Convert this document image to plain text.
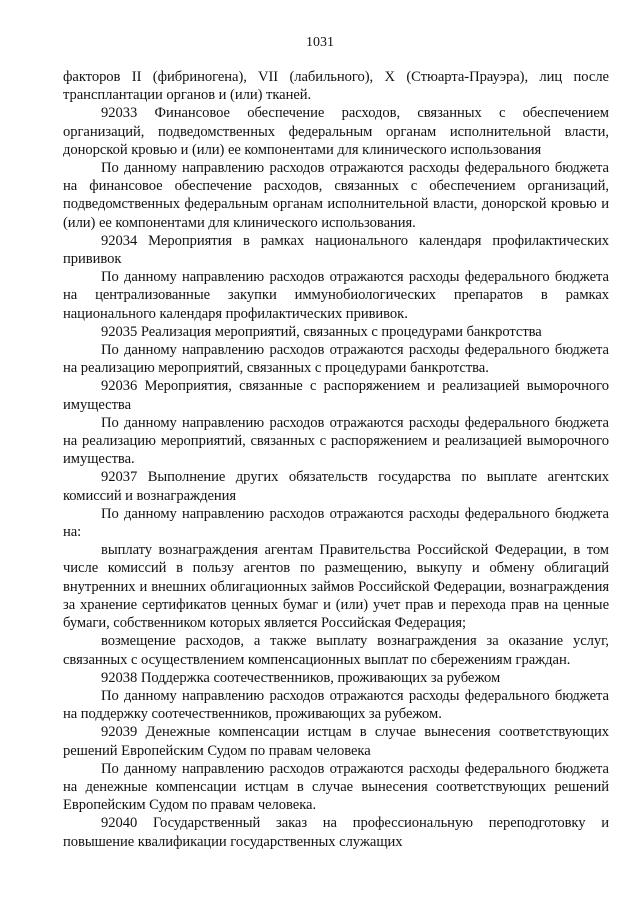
1031

факторов II (фибриногена), VII (лабильного), X (Стюарта-Прауэра), лиц после трансплантации органов и (или) тканей.

92033 Финансовое обеспечение расходов, связанных с обеспечением организаций, подведомственных федеральным органам исполнительной власти, донорской кровью и (или) ее компонентами для клинического использования

По данному направлению расходов отражаются расходы федерального бюджета на финансовое обеспечение расходов, связанных с обеспечением организаций, подведомственных федеральным органам исполнительной власти, донорской кровью и (или) ее компонентами для клинического использования.

92034 Мероприятия в рамках национального календаря профилактических прививок

По данному направлению расходов отражаются расходы федерального бюджета на централизованные закупки иммунобиологических препаратов в рамках национального календаря профилактических прививок.

92035 Реализация мероприятий, связанных с процедурами банкротства

По данному направлению расходов отражаются расходы федерального бюджета на реализацию мероприятий, связанных с процедурами банкротства.

92036 Мероприятия, связанные с распоряжением и реализацией выморочного имущества

По данному направлению расходов отражаются расходы федерального бюджета на реализацию мероприятий, связанных с распоряжением и реализацией выморочного имущества.

92037 Выполнение других обязательств государства по выплате агентских комиссий и вознаграждения

По данному направлению расходов отражаются расходы федерального бюджета на:

выплату вознаграждения агентам Правительства Российской Федерации, в том числе комиссий в пользу агентов по размещению, выкупу и обмену облигаций внутренних и внешних облигационных займов Российской Федерации, вознаграждения за хранение сертификатов ценных бумаг и (или) учет прав и перехода прав на ценные бумаги, собственником которых является Российская Федерация;

возмещение расходов, а также выплату вознаграждения за оказание услуг, связанных с осуществлением компенсационных выплат по сбережениям граждан.

92038 Поддержка соотечественников, проживающих за рубежом

По данному направлению расходов отражаются расходы федерального бюджета на поддержку соотечественников, проживающих за рубежом.

92039 Денежные компенсации истцам в случае вынесения соответствующих решений Европейским Судом по правам человека

По данному направлению расходов отражаются расходы федерального бюджета на денежные компенсации истцам в случае вынесения соответствующих решений Европейским Судом по правам человека.

92040 Государственный заказ на профессиональную переподготовку и повышение квалификации государственных служащих
